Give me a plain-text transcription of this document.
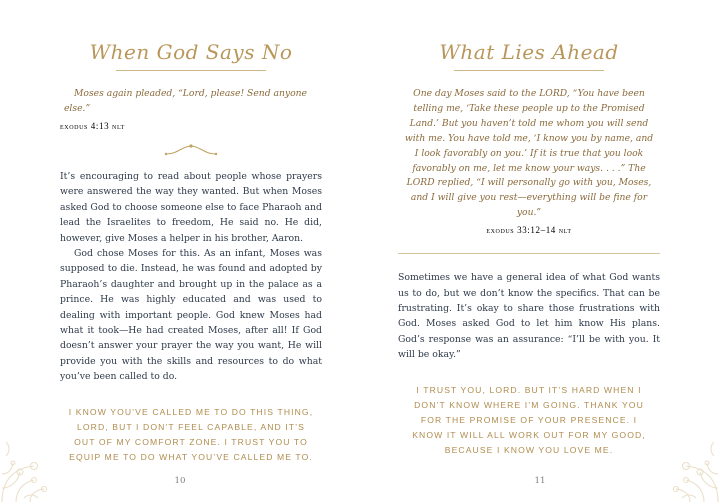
When God Says No

Moses again pleaded, “Lord, please! Send anyone else.”

exodus 4:13 nlt

It’s encouraging to read about people whose prayers were answered the way they wanted. But when Moses asked God to choose someone else to face Pharaoh and lead the Israelites to freedom, He said no. He did, however, give Moses a helper in his brother, Aaron.

God chose Moses for this. As an infant, Moses was supposed to die. Instead, he was found and adopted by Pharaoh’s daughter and brought up in the palace as a prince. He was highly educated and was used to dealing with important people. God knew Moses had what it took—He had created Moses, after all! If God doesn’t answer your prayer the way you want, He will provide you with the skills and resources to do what you’ve been called to do.

I KNOW YOU’VE CALLED ME TO DO THIS THING, LORD, BUT I DON’T FEEL CAPABLE, AND IT’S OUT OF MY COMFORT ZONE. I TRUST YOU TO EQUIP ME TO DO WHAT YOU’VE CALLED ME TO.

10
What Lies Ahead

One day Moses said to the LORD, “You have been telling me, ‘Take these people up to the Promised Land.’ But you haven’t told me whom you will send with me. You have told me, ‘I know you by name, and I look favorably on you.’ If it is true that you look favorably on me, let me know your ways. . . .” The LORD replied, “I will personally go with you, Moses, and I will give you rest—everything will be fine for you.”

exodus 33:12–14 nlt

Sometimes we have a general idea of what God wants us to do, but we don’t know the specifics. That can be frustrating. It’s okay to share those frustrations with God. Moses asked God to let him know His plans. God’s response was an assurance: “I’ll be with you. It will be okay.”

I TRUST YOU, LORD. BUT IT’S HARD WHEN I DON’T KNOW WHERE I’M GOING. THANK YOU FOR THE PROMISE OF YOUR PRESENCE. I KNOW IT WILL ALL WORK OUT FOR MY GOOD, BECAUSE I KNOW YOU LOVE ME.

11
